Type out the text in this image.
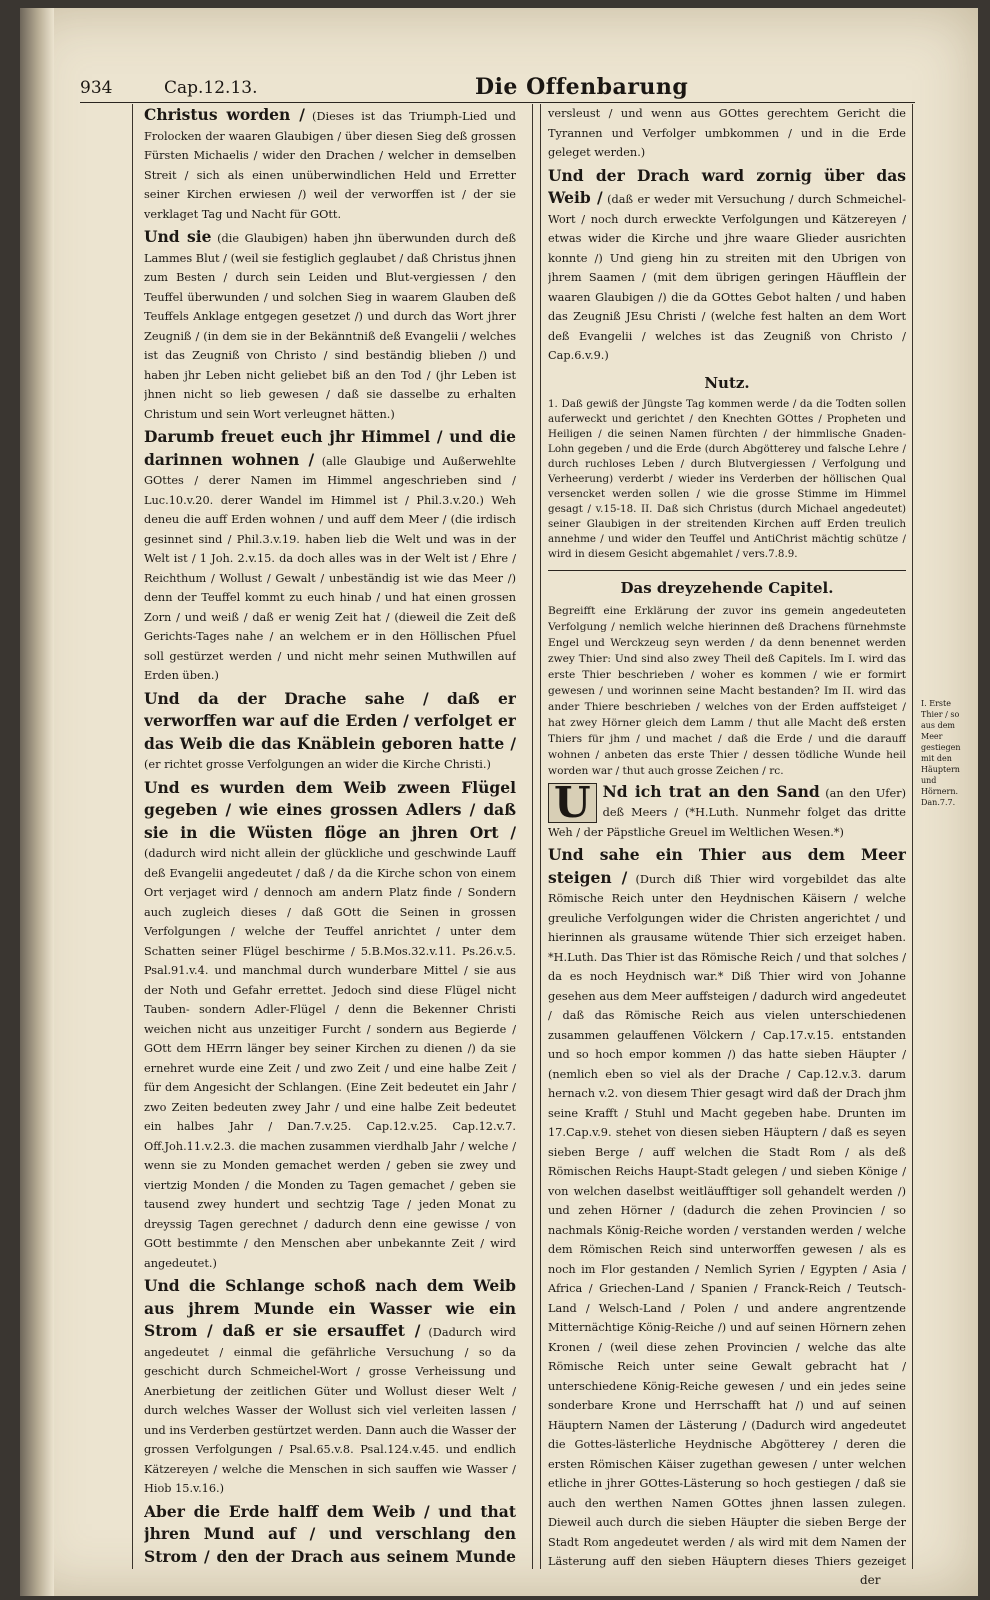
934	Cap.12.13.	Die Offenbarung

Christus worden / (Dieses ist das Triumph-Lied und Frolocken der waaren Glaubigen / über diesen Sieg deß grossen Fürsten Michaelis / wider den Drachen / welcher in demselben Streit / sich als einen unüberwindlichen Held und Erretter seiner Kirchen erwiesen /) weil der verworffen ist / der sie verklaget Tag und Nacht für GOtt.

Und sie (die Glaubigen) haben jhn überwunden durch deß Lammes Blut / (weil sie festiglich geglaubet / daß Christus jhnen zum Besten / durch sein Leiden und Blut-vergiessen / den Teuffel überwunden / und solchen Sieg in waarem Glauben deß Teuffels Anklage entgegen gesetzet /) und durch das Wort jhrer Zeugniß / (in dem sie in der Bekänntniß deß Evangelii / welches ist das Zeugniß von Christo / sind beständig blieben /) und haben jhr Leben nicht geliebet biß an den Tod / (jhr Leben ist jhnen nicht so lieb gewesen / daß sie dasselbe zu erhalten Christum und sein Wort verleugnet hätten.)

Darumb freuet euch jhr Himmel / und die darinnen wohnen / (alle Glaubige und Außerwehlte GOttes / derer Namen im Himmel angeschrieben sind / Luc.10.v.20. derer Wandel im Himmel ist / Phil.3.v.20.) Weh deneu die auff Erden wohnen / und auff dem Meer / (die irdisch gesinnet sind / Phil.3.v.19. haben lieb die Welt und was in der Welt ist / 1 Joh. 2.v.15. da doch alles was in der Welt ist / Ehre / Reichthum / Wollust / Gewalt / unbeständig ist wie das Meer /) denn der Teuffel kommt zu euch hinab / und hat einen grossen Zorn / und weiß / daß er wenig Zeit hat / (dieweil die Zeit deß Gerichts-Tages nahe / an welchem er in den Höllischen Pfuel soll gestürzet werden / und nicht mehr seinen Muthwillen auf Erden üben.)

Und da der Drache sahe / daß er verworffen war auf die Erden / verfolget er das Weib die das Knäblein geboren hatte / (er richtet grosse Verfolgungen an wider die Kirche Christi.)

Und es wurden dem Weib zween Flügel gegeben / wie eines grossen Adlers / daß sie in die Wüsten flöge an jhren Ort / (dadurch wird nicht allein der glückliche und geschwinde Lauff deß Evangelii angedeutet / daß / da die Kirche schon von einem Ort verjaget wird / dennoch am andern Platz finde / Sondern auch zugleich dieses / daß GOtt die Seinen in grossen Verfolgungen / welche der Teuffel anrichtet / unter dem Schatten seiner Flügel beschirme / 5.B.Mos.32.v.11. Ps.26.v.5. Psal.91.v.4. und manchmal durch wunderbare Mittel / sie aus der Noth und Gefahr errettet. Jedoch sind diese Flügel nicht Tauben- sondern Adler-Flügel / denn die Bekenner Christi weichen nicht aus unzeitiger Furcht / sondern aus Begierde / GOtt dem HErrn länger bey seiner Kirchen zu dienen /) da sie ernehret wurde eine Zeit / und zwo Zeit / und eine halbe Zeit / für dem Angesicht der Schlangen. (Eine Zeit bedeutet ein Jahr / zwo Zeiten bedeuten zwey Jahr / und eine halbe Zeit bedeutet ein halbes Jahr / Dan.7.v.25. Cap.12.v.25. Cap.12.v.7. Off.Joh.11.v.2.3. die machen zusammen vierdhalb Jahr / welche / wenn sie zu Monden gemachet werden / geben sie zwey und viertzig Monden / die Monden zu Tagen gemachet / geben sie tausend zwey hundert und sechtzig Tage / jeden Monat zu dreyssig Tagen gerechnet / dadurch denn eine gewisse / von GOtt bestimmte / den Menschen aber unbekannte Zeit / wird angedeutet.)

Und die Schlange schoß nach dem Weib aus jhrem Munde ein Wasser wie ein Strom / daß er sie ersauffet / (Dadurch wird angedeutet / einmal die gefährliche Versuchung / so da geschicht durch Schmeichel-Wort / grosse Verheissung und Anerbietung der zeitlichen Güter und Wollust dieser Welt / durch welches Wasser der Wollust sich viel verleiten lassen / und ins Verderben gestürtzet werden. Dann auch die Wasser der grossen Verfolgungen / Psal.65.v.8. Psal.124.v.45. und endlich Kätzereyen / welche die Menschen in sich sauffen wie Wasser / Hiob 15.v.16.)

Aber die Erde halff dem Weib / und that jhren Mund auf / und verschlang den Strom / den der Drach aus seinem Munde

versleust / und wenn aus GOttes gerechtem Gericht die Tyrannen und Verfolger umbkommen / und in die Erde geleget werden.)

Und der Drach ward zornig über das Weib / (daß er weder mit Versuchung / durch Schmeichel-Wort / noch durch erweckte Verfolgungen und Kätzereyen / etwas wider die Kirche und jhre waare Glieder ausrichten konnte /) Und gieng hin zu streiten mit den Ubrigen von jhrem Saamen / (mit dem übrigen geringen Häufflein der waaren Glaubigen /) die da GOttes Gebot halten / und haben das Zeugniß JEsu Christi / (welche fest halten an dem Wort deß Evangelii / welches ist das Zeugniß von Christo / Cap.6.v.9.)

Nutz.

1. Daß gewiß der Jüngste Tag kommen werde / da die Todten sollen auferweckt und gerichtet / den Knechten GOttes / Propheten und Heiligen / die seinen Namen fürchten / der himmlische Gnaden-Lohn gegeben / und die Erde (durch Abgötterey und falsche Lehre / durch ruchloses Leben / durch Blutvergiessen / Verfolgung und Verheerung) verderbt / wieder ins Verderben der höllischen Qual versencket werden sollen / wie die grosse Stimme im Himmel gesagt / v.15-18. II. Daß sich Christus (durch Michael angedeutet) seiner Glaubigen in der streitenden Kirchen auff Erden treulich annehme / und wider den Teuffel und AntiChrist mächtig schütze / wird in diesem Gesicht abgemahlet / vers.7.8.9.

Das dreyzehende Capitel.

Begreifft eine Erklärung der zuvor ins gemein angedeuteten Verfolgung / nemlich welche hierinnen deß Drachens fürnehmste Engel und Werckzeug seyn werden / da denn benennet werden zwey Thier: Und sind also zwey Theil deß Capitels. Im I. wird das erste Thier beschrieben / woher es kommen / wie er formirt gewesen / und worinnen seine Macht bestanden? Im II. wird das ander Thiere beschrieben / welches von der Erden auffsteiget / hat zwey Hörner gleich dem Lamm / thut alle Macht deß ersten Thiers für jhm / und machet / daß die Erde / und die darauff wohnen / anbeten das erste Thier / dessen tödliche Wunde heil worden war / thut auch grosse Zeichen / rc.

U Nd ich trat an den Sand (an den Ufer) deß Meers / (*H.Luth. Nunmehr folget das dritte Weh / der Päpstliche Greuel im Weltlichen Wesen.*)

Und sahe ein Thier aus dem Meer steigen / (Durch diß Thier wird vorgebildet das alte Römische Reich unter den Heydnischen Käisern / welche greuliche Verfolgungen wider die Christen angerichtet / und hierinnen als grausame wütende Thier sich erzeiget haben. *H.Luth. Das Thier ist das Römische Reich / und that solches / da es noch Heydnisch war.* Diß Thier wird von Johanne gesehen aus dem Meer auffsteigen / dadurch wird angedeutet / daß das Römische Reich aus vielen unterschiedenen zusammen gelauffenen Völckern / Cap.17.v.15. entstanden und so hoch empor kommen /) das hatte sieben Häupter / (nemlich eben so viel als der Drache / Cap.12.v.3. darum hernach v.2. von diesem Thier gesagt wird daß der Drach jhm seine Krafft / Stuhl und Macht gegeben habe. Drunten im 17.Cap.v.9. stehet von diesen sieben Häuptern / daß es seyen sieben Berge / auff welchen die Stadt Rom / als deß Römischen Reichs Haupt-Stadt gelegen / und sieben Könige / von welchen daselbst weitläufftiger soll gehandelt werden /) und zehen Hörner / (dadurch die zehen Provincien / so nachmals König-Reiche worden / verstanden werden / welche dem Römischen Reich sind unterworffen gewesen / als es noch im Flor gestanden / Nemlich Syrien / Egypten / Asia / Africa / Griechen-Land / Spanien / Franck-Reich / Teutsch-Land / Welsch-Land / Polen / und andere angrentzende Mitternächtige König-Reiche /) und auf seinen Hörnern zehen Kronen / (weil diese zehen Provincien / welche das alte Römische Reich unter seine Gewalt gebracht hat / unterschiedene König-Reiche gewesen / und ein jedes seine sonderbare Krone und Herrschafft hat /) und auf seinen Häuptern Namen der Lästerung / (Dadurch wird angedeutet die Gottes-lästerliche Heydnische Abgötterey / deren die ersten Römischen Käiser zugethan gewesen / unter welchen etliche in jhrer GOttes-Lästerung so hoch gestiegen / daß sie auch den werthen Namen GOttes jhnen lassen zulegen. Dieweil auch durch die sieben Häupter die sieben Berge der Stadt Rom angedeutet werden / als wird mit dem Namen der Lästerung auff den sieben Häuptern dieses Thiers gezeiget

I. Erste Thier / so aus dem Meer gestiegen mit den Häuptern und Hörnern. Dan.7.7.
der
